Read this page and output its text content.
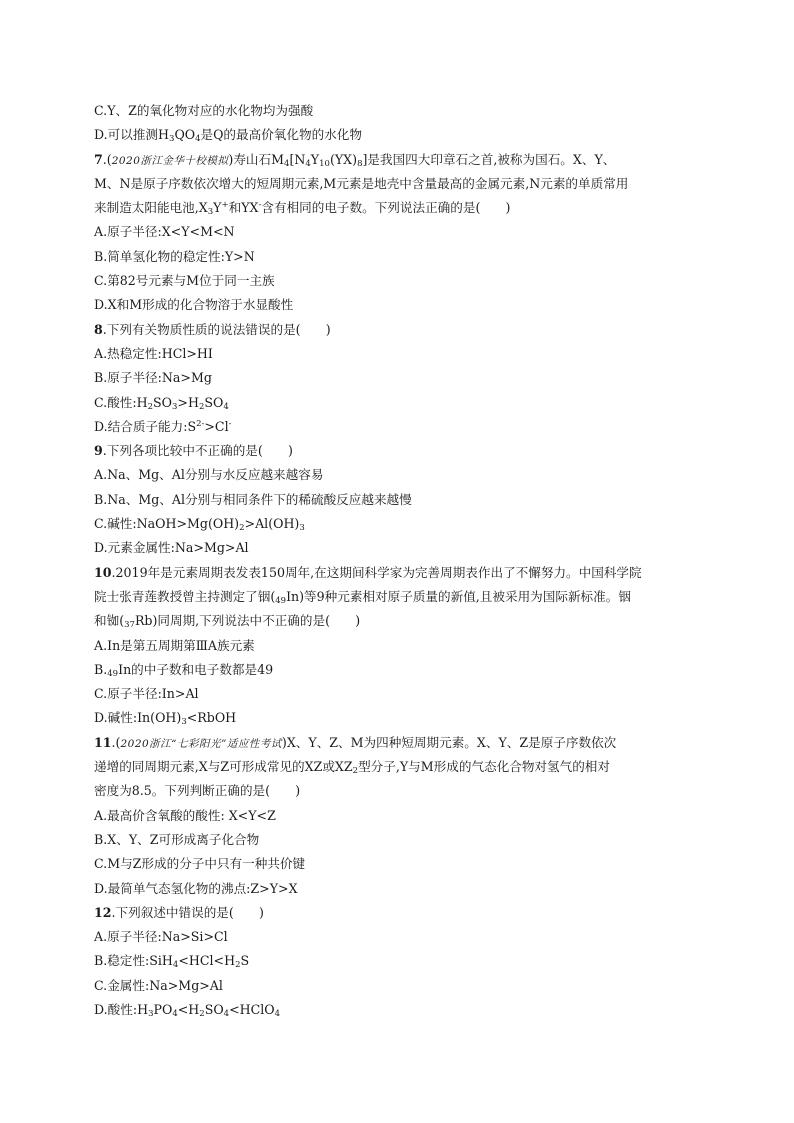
C.Y、Z的氧化物对应的水化物均为强酸
D.可以推测$H_3QO_4$是Q的最高价氧化物的水化物
7.(2020浙江金华十校模拟)寿山石$M_4[N_4Y_{10}(YX)_8]$是我国四大印章石之首,被称为国石。X、Y、
M、N是原子序数依次增大的短周期元素,M元素是地壳中含量最高的金属元素,N元素的单质常用
来制造太阳能电池$,X_3Y^+$和YX-含有相同的电子数。下列说法正确的是(　　)
A.原子半径:X<Y<M<N
B.简单氢化物的稳定性:Y>N
C.第82号元素与M位于同一主族
D.X和M形成的化合物溶于水显酸性
8.下列有关物质性质的说法错误的是(　　)
A.热稳定性:HCl>HI
B.原子半径:Na>Mg
C.酸性$:H_2SO_3>H_2SO_4$
D.结合质子能力$:S^{2-}>Cl^-$
9.下列各项比较中不正确的是(　　)
A.Na、Mg、Al分别与水反应越来越容易
B.Na、Mg、Al分别与相同条件下的稀硫酸反应越来越慢
C.碱性$:NaOH>Mg(OH)_2>Al(OH)_3$
D.元素金属性:Na>Mg>Al
10.2019年是元素周期表发表150周年,在这期间科学家为完善周期表作出了不懈努力。中国科学院
院士张青莲教授曾主持测定了铟(49In)等9种元素相对原子质量的新值,且被采用为国际新标准。铟
和铷(37Rb)同周期,下列说法中不正确的是(　　)
A.In是第五周期第ⅢA族元素
B.49In的中子数和电子数都是49
C.原子半径:In>Al
D.碱性$:In(OH)_3<RbOH$
11.(2020浙江“七彩阳光”适应性考试)X、Y、Z、M为四种短周期元素。X、Y、Z是原子序数依次
递增的同周期元素,X与Z可形成常见的XZ或$XZ_2$型分子,Y与M形成的气态化合物对氢气的相对
密度为8.5。下列判断正确的是(　　)
A.最高价含氧酸的酸性: X<Y<Z
B.X、Y、Z可形成离子化合物
C.M与Z形成的分子中只有一种共价键
D.最简单气态氢化物的沸点:Z>Y>X
12.下列叙述中错误的是(　　)
A.原子半径:Na>Si>Cl
B.稳定性$:SiH_4<HCl<H_2S$
C.金属性:Na>Mg>Al
D.酸性$:H_3PO_4<H_2SO_4<HClO_4$
